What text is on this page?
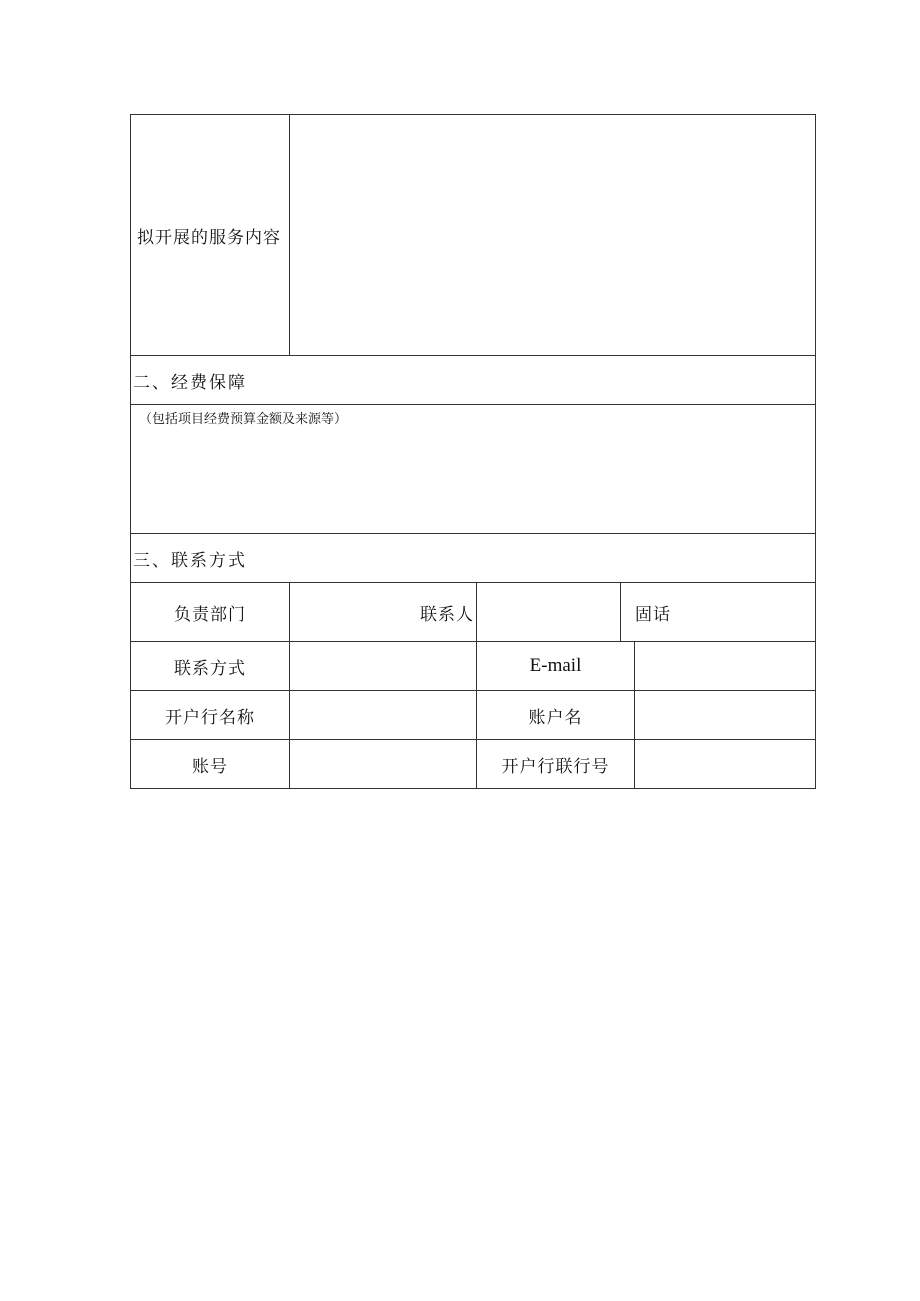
拟开展的服务内容				
二、经费保障				
（包括项目经费预算金额及来源等）				
三、联系方式				
负责部门	联系人		固话	
联系方式		E-mail		
开户行名称		账户名		
账号		开户行联行号		
